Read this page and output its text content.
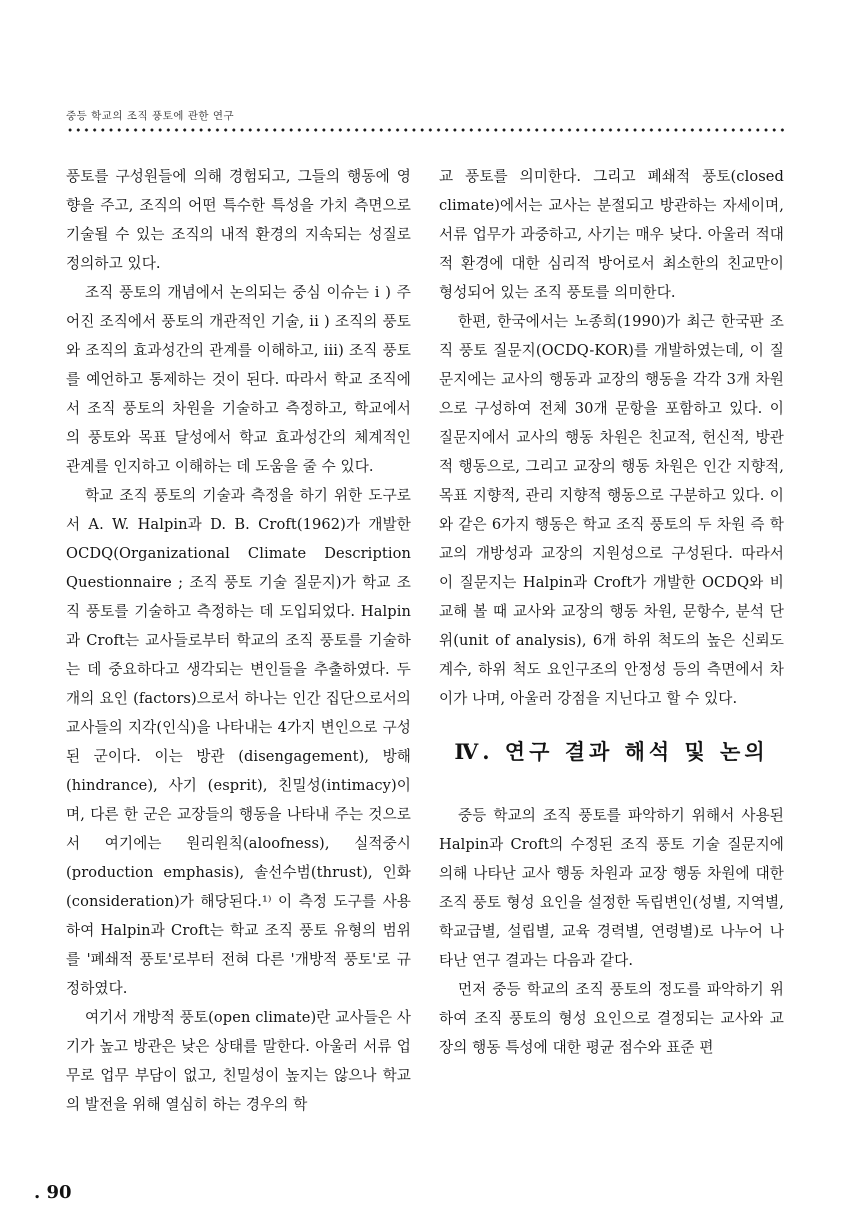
중등 학교의 조직 풍토에 관한 연구

풍토를 구성원들에 의해 경험되고, 그들의 행동에 영향을 주고, 조직의 어떤 특수한 특성을 가치 측면으로 기술될 수 있는 조직의 내적 환경의 지속되는 성질로 정의하고 있다.

조직 풍토의 개념에서 논의되는 중심 이슈는 i ) 주어진 조직에서 풍토의 개관적인 기술, ii ) 조직의 풍토와 조직의 효과성간의 관계를 이해하고, iii) 조직 풍토를 예언하고 통제하는 것이 된다. 따라서 학교 조직에서 조직 풍토의 차원을 기술하고 측정하고, 학교에서의 풍토와 목표 달성에서 학교 효과성간의 체계적인 관계를 인지하고 이해하는 데 도움을 줄 수 있다.

학교 조직 풍토의 기술과 측정을 하기 위한 도구로서 A. W. Halpin과 D. B. Croft(1962)가 개발한 OCDQ(Organizational Climate Description Questionnaire ; 조직 풍토 기술 질문지)가 학교 조직 풍토를 기술하고 측정하는 데 도입되었다. Halpin과 Croft는 교사들로부터 학교의 조직 풍토를 기술하는 데 중요하다고 생각되는 변인들을 추출하였다. 두개의 요인 (factors)으로서 하나는 인간 집단으로서의 교사들의 지각(인식)을 나타내는 4가지 변인으로 구성된 군이다. 이는 방관 (disengagement), 방해(hindrance), 사기 (esprit), 친밀성(intimacy)이며, 다른 한 군은 교장들의 행동을 나타내 주는 것으로서 여기에는 원리원칙(aloofness), 실적중시(production emphasis), 솔선수범(thrust), 인화 (consideration)가 해당된다.¹⁾ 이 측정 도구를 사용하여 Halpin과 Croft는 학교 조직 풍토 유형의 범위를 '폐쇄적 풍토'로부터 전혀 다른 '개방적 풍토'로 규정하였다.

여기서 개방적 풍토(open climate)란 교사들은 사기가 높고 방관은 낮은 상태를 말한다. 아울러 서류 업무로 업무 부담이 없고, 친밀성이 높지는 않으나 학교의 발전을 위해 열심히 하는 경우의 학

교 풍토를 의미한다. 그리고 폐쇄적 풍토(closed climate)에서는 교사는 분절되고 방관하는 자세이며, 서류 업무가 과중하고, 사기는 매우 낮다. 아울러 적대적 환경에 대한 심리적 방어로서 최소한의 친교만이 형성되어 있는 조직 풍토를 의미한다.

한편, 한국에서는 노종희(1990)가 최근 한국판 조직 풍토 질문지(OCDQ-KOR)를 개발하였는데, 이 질문지에는 교사의 행동과 교장의 행동을 각각 3개 차원으로 구성하여 전체 30개 문항을 포함하고 있다. 이 질문지에서 교사의 행동 차원은 친교적, 헌신적, 방관적 행동으로, 그리고 교장의 행동 차원은 인간 지향적, 목표 지향적, 관리 지향적 행동으로 구분하고 있다. 이와 같은 6가지 행동은 학교 조직 풍토의 두 차원 즉 학교의 개방성과 교장의 지원성으로 구성된다. 따라서 이 질문지는 Halpin과 Croft가 개발한 OCDQ와 비교해 볼 때 교사와 교장의 행동 차원, 문항수, 분석 단위(unit of analysis), 6개 하위 척도의 높은 신뢰도 계수, 하위 척도 요인구조의 안정성 등의 측면에서 차이가 나며, 아울러 강점을 지닌다고 할 수 있다.

Ⅳ. 연구 결과 해석 및 논의

중등 학교의 조직 풍토를 파악하기 위해서 사용된 Halpin과 Croft의 수정된 조직 풍토 기술 질문지에 의해 나타난 교사 행동 차원과 교장 행동 차원에 대한 조직 풍토 형성 요인을 설정한 독립변인(성별, 지역별, 학교급별, 설립별, 교육 경력별, 연령별)로 나누어 나타난 연구 결과는 다음과 같다.

먼저 중등 학교의 조직 풍토의 정도를 파악하기 위하여 조직 풍토의 형성 요인으로 결정되는 교사와 교장의 행동 특성에 대한 평균 점수와 표준 편

. 90
